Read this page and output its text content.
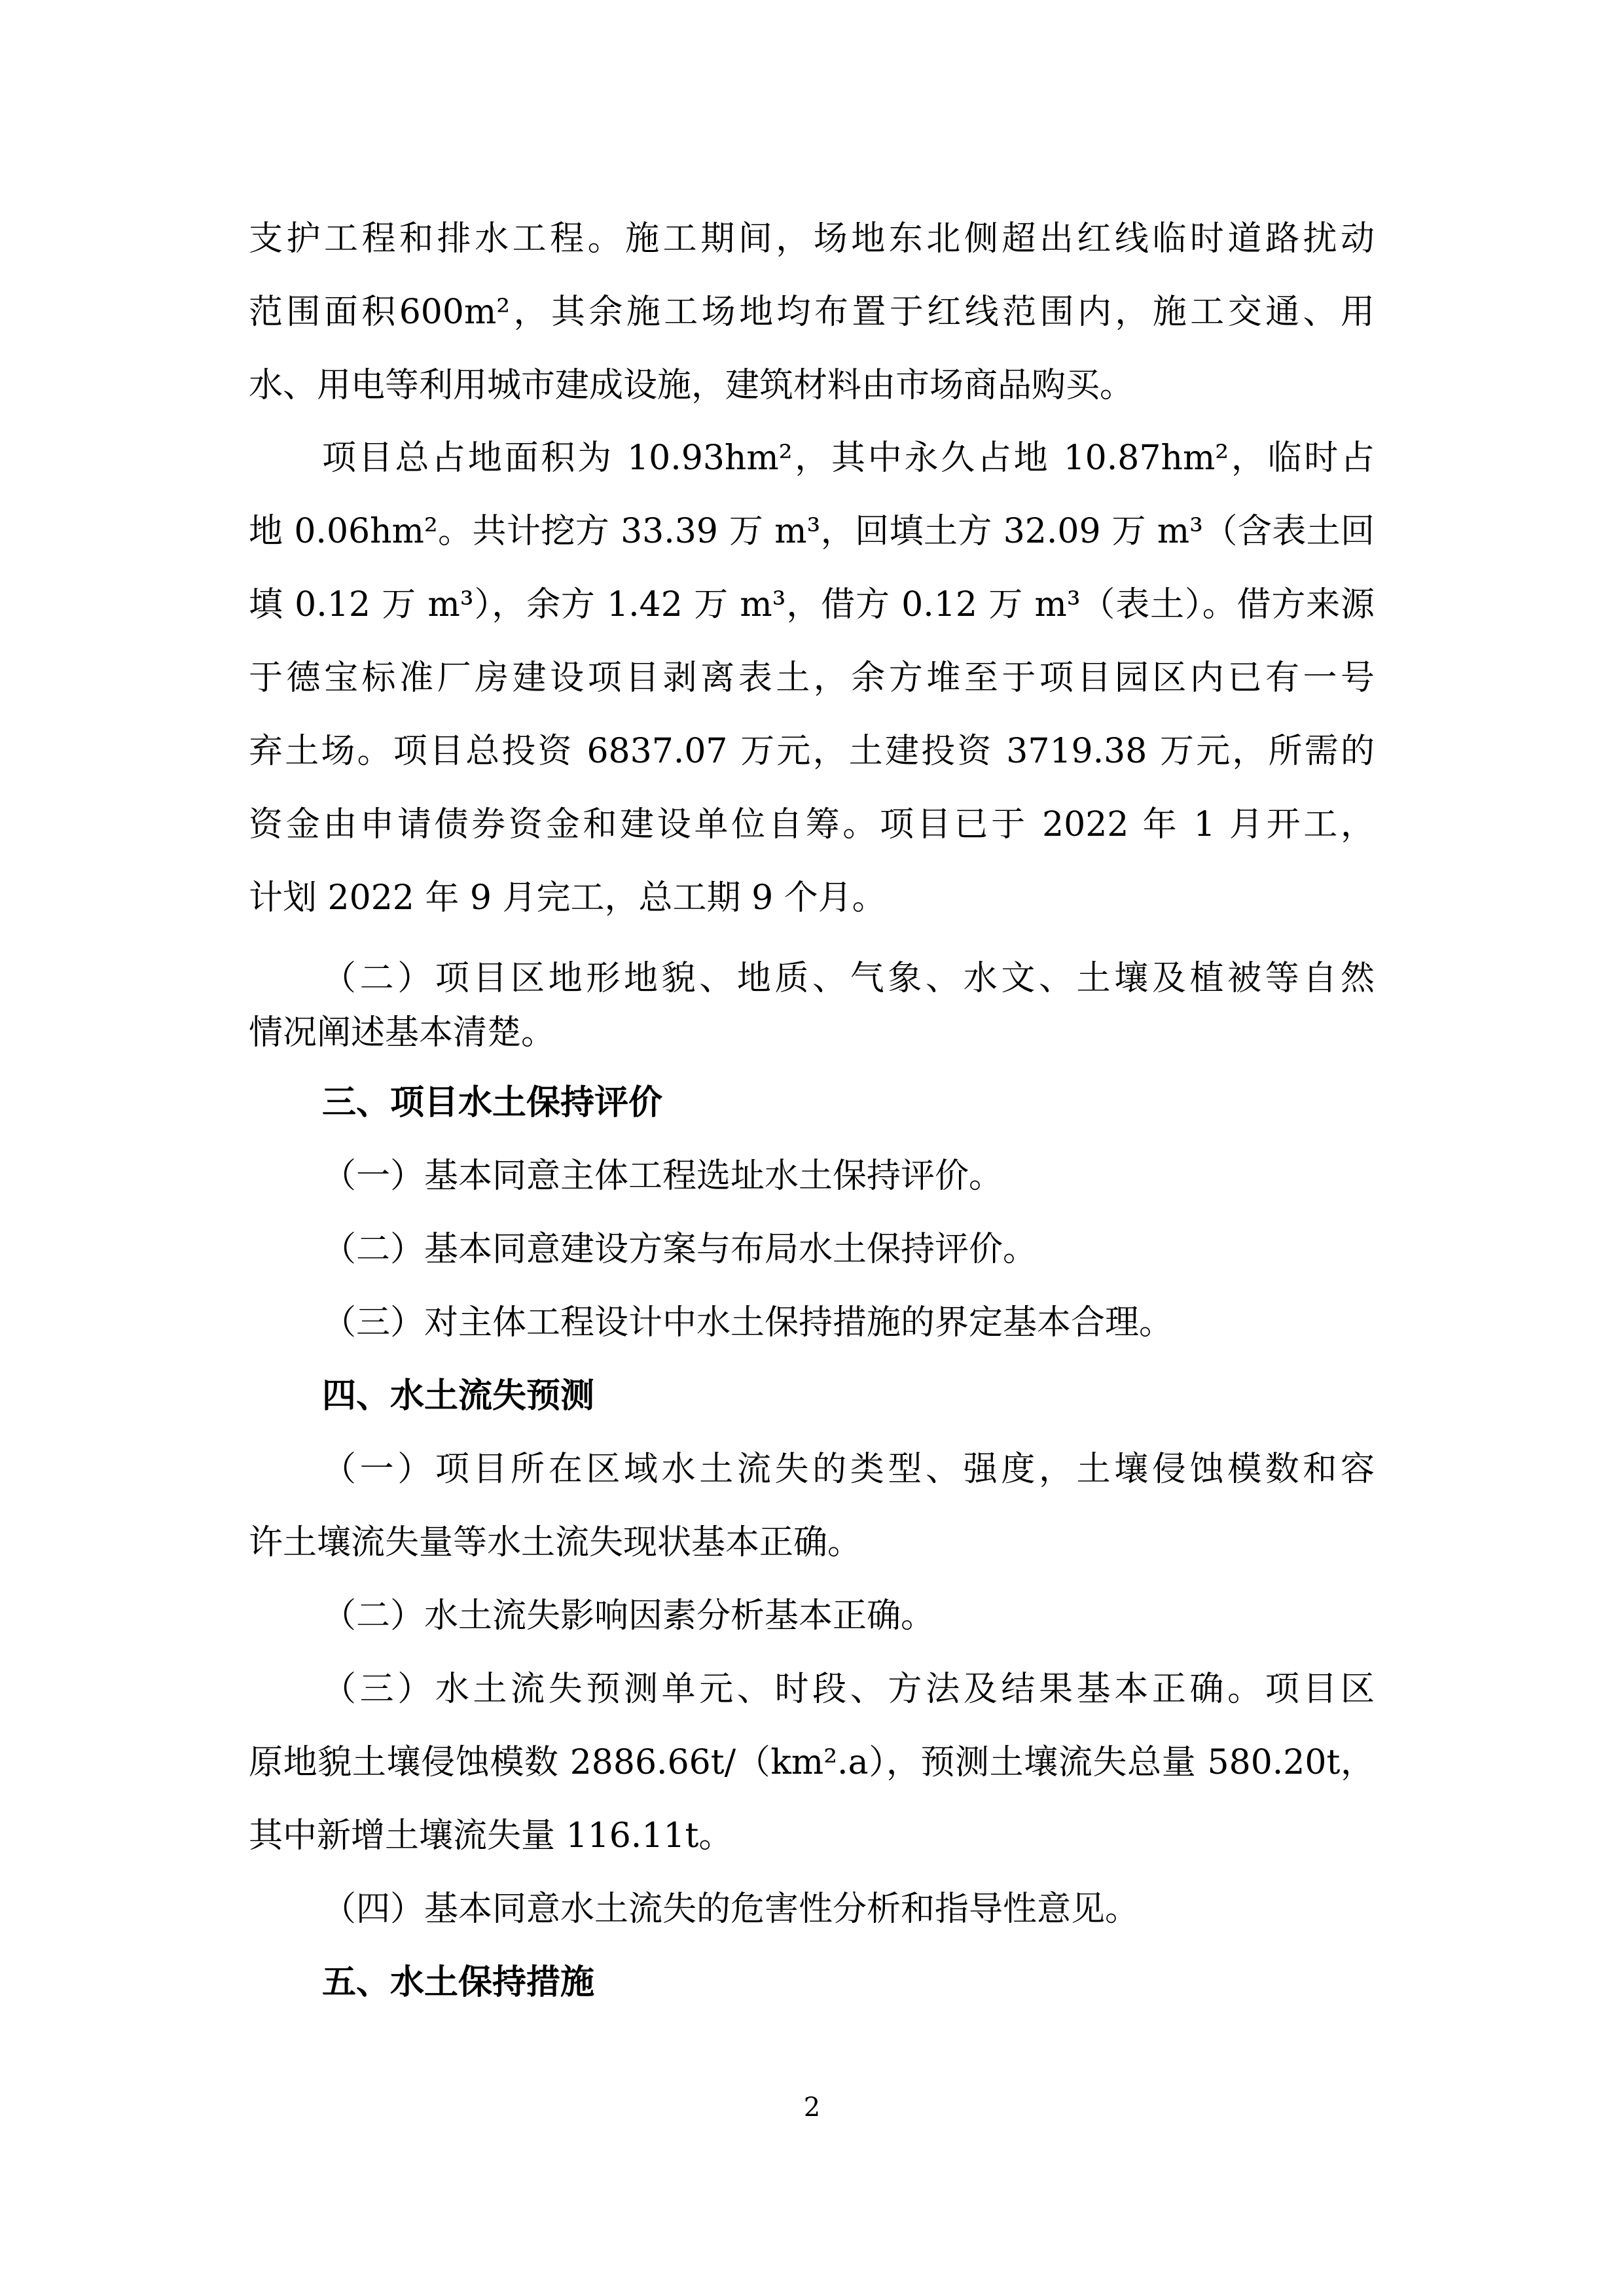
支护工程和排水工程。施工期间，场地东北侧超出红线临时道路扰动
范围面积600m²，其余施工场地均布置于红线范围内，施工交通、用
水、用电等利用城市建成设施，建筑材料由市场商品购买。
项目总占地面积为 10.93hm²，其中永久占地 10.87hm²，临时占
地 0.06hm²。共计挖方 33.39 万 m³，回填土方 32.09 万 m³（含表土回
填 0.12 万 m³），余方 1.42 万 m³，借方 0.12 万 m³（表土）。借方来源
于德宝标准厂房建设项目剥离表土，余方堆至于项目园区内已有一号
弃土场。项目总投资 6837.07 万元，土建投资 3719.38 万元，所需的
资金由申请债券资金和建设单位自筹。项目已于 2022 年 1 月开工，
计划 2022 年 9 月完工，总工期 9 个月。
（二）项目区地形地貌、地质、气象、水文、土壤及植被等自然
情况阐述基本清楚。
三、项目水土保持评价
（一）基本同意主体工程选址水土保持评价。
（二）基本同意建设方案与布局水土保持评价。
（三）对主体工程设计中水土保持措施的界定基本合理。
四、水土流失预测
（一）项目所在区域水土流失的类型、强度，土壤侵蚀模数和容
许土壤流失量等水土流失现状基本正确。
（二）水土流失影响因素分析基本正确。
（三）水土流失预测单元、时段、方法及结果基本正确。项目区
原地貌土壤侵蚀模数 2886.66t/（km².a），预测土壤流失总量 580.20t，
其中新增土壤流失量 116.11t。
（四）基本同意水土流失的危害性分析和指导性意见。
五、水土保持措施
2
